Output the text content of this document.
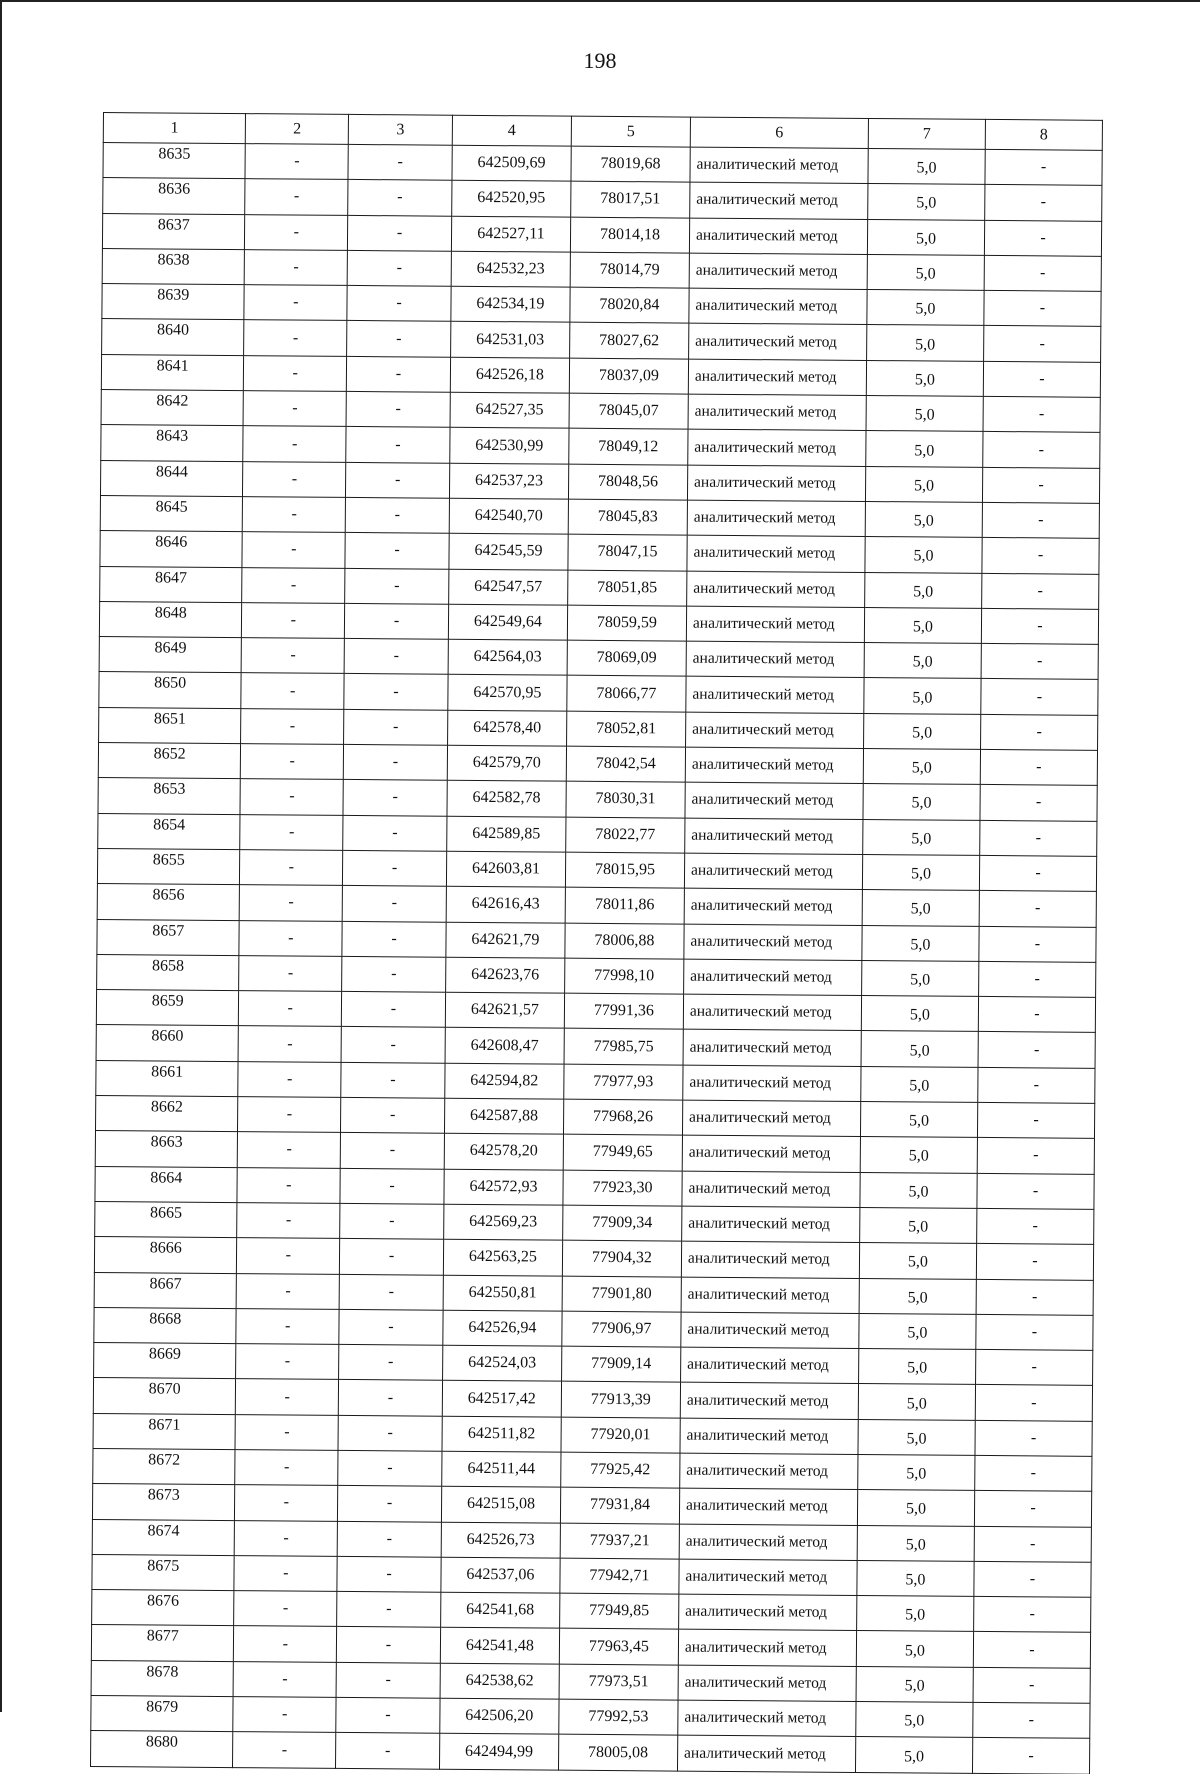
198
1	2	3	4	5	6	7	8
8635	-	-	642509,69	78019,68	аналитический метод	5,0	-
8636	-	-	642520,95	78017,51	аналитический метод	5,0	-
8637	-	-	642527,11	78014,18	аналитический метод	5,0	-
8638	-	-	642532,23	78014,79	аналитический метод	5,0	-
8639	-	-	642534,19	78020,84	аналитический метод	5,0	-
8640	-	-	642531,03	78027,62	аналитический метод	5,0	-
8641	-	-	642526,18	78037,09	аналитический метод	5,0	-
8642	-	-	642527,35	78045,07	аналитический метод	5,0	-
8643	-	-	642530,99	78049,12	аналитический метод	5,0	-
8644	-	-	642537,23	78048,56	аналитический метод	5,0	-
8645	-	-	642540,70	78045,83	аналитический метод	5,0	-
8646	-	-	642545,59	78047,15	аналитический метод	5,0	-
8647	-	-	642547,57	78051,85	аналитический метод	5,0	-
8648	-	-	642549,64	78059,59	аналитический метод	5,0	-
8649	-	-	642564,03	78069,09	аналитический метод	5,0	-
8650	-	-	642570,95	78066,77	аналитический метод	5,0	-
8651	-	-	642578,40	78052,81	аналитический метод	5,0	-
8652	-	-	642579,70	78042,54	аналитический метод	5,0	-
8653	-	-	642582,78	78030,31	аналитический метод	5,0	-
8654	-	-	642589,85	78022,77	аналитический метод	5,0	-
8655	-	-	642603,81	78015,95	аналитический метод	5,0	-
8656	-	-	642616,43	78011,86	аналитический метод	5,0	-
8657	-	-	642621,79	78006,88	аналитический метод	5,0	-
8658	-	-	642623,76	77998,10	аналитический метод	5,0	-
8659	-	-	642621,57	77991,36	аналитический метод	5,0	-
8660	-	-	642608,47	77985,75	аналитический метод	5,0	-
8661	-	-	642594,82	77977,93	аналитический метод	5,0	-
8662	-	-	642587,88	77968,26	аналитический метод	5,0	-
8663	-	-	642578,20	77949,65	аналитический метод	5,0	-
8664	-	-	642572,93	77923,30	аналитический метод	5,0	-
8665	-	-	642569,23	77909,34	аналитический метод	5,0	-
8666	-	-	642563,25	77904,32	аналитический метод	5,0	-
8667	-	-	642550,81	77901,80	аналитический метод	5,0	-
8668	-	-	642526,94	77906,97	аналитический метод	5,0	-
8669	-	-	642524,03	77909,14	аналитический метод	5,0	-
8670	-	-	642517,42	77913,39	аналитический метод	5,0	-
8671	-	-	642511,82	77920,01	аналитический метод	5,0	-
8672	-	-	642511,44	77925,42	аналитический метод	5,0	-
8673	-	-	642515,08	77931,84	аналитический метод	5,0	-
8674	-	-	642526,73	77937,21	аналитический метод	5,0	-
8675	-	-	642537,06	77942,71	аналитический метод	5,0	-
8676	-	-	642541,68	77949,85	аналитический метод	5,0	-
8677	-	-	642541,48	77963,45	аналитический метод	5,0	-
8678	-	-	642538,62	77973,51	аналитический метод	5,0	-
8679	-	-	642506,20	77992,53	аналитический метод	5,0	-
8680	-	-	642494,99	78005,08	аналитический метод	5,0	-
